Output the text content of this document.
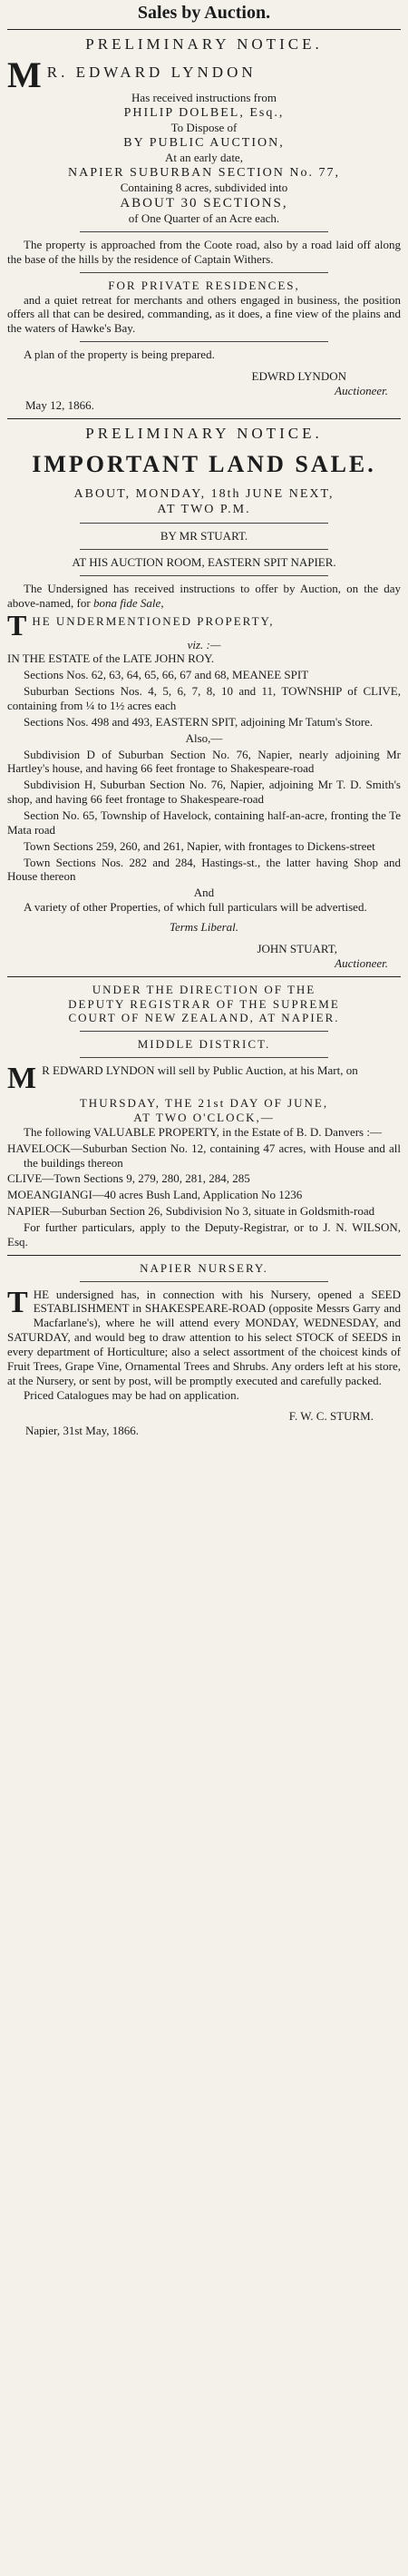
Sales by Auction.
PRELIMINARY NOTICE.
M R. EDWARD LYNDON
Has received instructions from
PHILIP DOLBEL, Esq.,
To Dispose of
BY PUBLIC AUCTION,
At an early date,
NAPIER SUBURBAN SECTION No. 77,
Containing 8 acres, subdivided into
ABOUT 30 SECTIONS,
of One Quarter of an Acre each.
The property is approached from the Coote road, also by a road laid off along the base of the hills by the residence of Captain Withers.
FOR PRIVATE RESIDENCES,
and a quiet retreat for merchants and others engaged in business, the position offers all that can be desired, commanding, as it does, a fine view of the plains and the waters of Hawke's Bay.
A plan of the property is being prepared.
EDWRD LYNDON
Auctioneer.
May 12, 1866.
PRELIMINARY NOTICE.
IMPORTANT LAND SALE.
ABOUT, MONDAY, 18th JUNE NEXT,
AT TWO P.M.
BY MR STUART.
AT HIS AUCTION ROOM, EASTERN SPIT NAPIER.
The Undersigned has received instructions to offer by Auction, on the day above-named, for bona fide Sale,
T HE UNDERMENTIONED PROPERTY,
viz. :—
IN THE ESTATE of the LATE JOHN ROY.
Sections Nos. 62, 63, 64, 65, 66, 67 and 68, MEANEE SPIT
Suburban Sections Nos. 4, 5, 6, 7, 8, 10 and 11, TOWNSHIP of CLIVE, containing from ¼ to 1½ acres each
Sections Nos. 498 and 493, EASTERN SPIT, adjoining Mr Tatum's Store.
Also,—
Subdivision D of Suburban Section No. 76, Napier, nearly adjoining Mr Hartley's house, and having 66 feet frontage to Shakespeare-road
Subdivision H, Suburban Section No. 76, Napier, adjoining Mr T. D. Smith's shop, and having 66 feet frontage to Shakespeare-road
Section No. 65, Township of Havelock, containing half-an-acre, fronting the Te Mata road
Town Sections 259, 260, and 261, Napier, with frontages to Dickens-street
Town Sections Nos. 282 and 284, Hastings-st., the latter having Shop and House thereon
And
A variety of other Properties, of which full particulars will be advertised.
Terms Liberal.
JOHN STUART,
Auctioneer.
UNDER THE DIRECTION OF THE
DEPUTY REGISTRAR OF THE SUPREME
COURT OF NEW ZEALAND, AT NAPIER.
MIDDLE DISTRICT.
M R EDWARD LYNDON will sell by Public Auction, at his Mart, on
THURSDAY, THE 21st DAY OF JUNE,
AT TWO O'CLOCK,—
The following VALUABLE PROPERTY, in the Estate of B. D. Danvers :—
HAVELOCK—Suburban Section No. 12, containing 47 acres, with House and all the buildings thereon
CLIVE—Town Sections 9, 279, 280, 281, 284, 285
MOEANGIANGI—40 acres Bush Land, Application No 1236
NAPIER—Suburban Section 26, Subdivision No 3, situate in Goldsmith-road
For further particulars, apply to the Deputy-Registrar, or to J. N. WILSON, Esq.
NAPIER NURSERY.
T HE undersigned has, in connection with his Nursery, opened a SEED ESTABLISHMENT in SHAKESPEARE-ROAD (opposite Messrs Garry and Macfarlane's), where he will attend every MONDAY, WEDNESDAY, and SATURDAY, and would beg to draw attention to his select STOCK of SEEDS in every department of Horticulture; also a select assortment of the choicest kinds of Fruit Trees, Grape Vine, Ornamental Trees and Shrubs. Any orders left at his store, at the Nursery, or sent by post, will be promptly executed and carefully packed.
Priced Catalogues may be had on application.
F. W. C. STURM.
Napier, 31st May, 1866.
